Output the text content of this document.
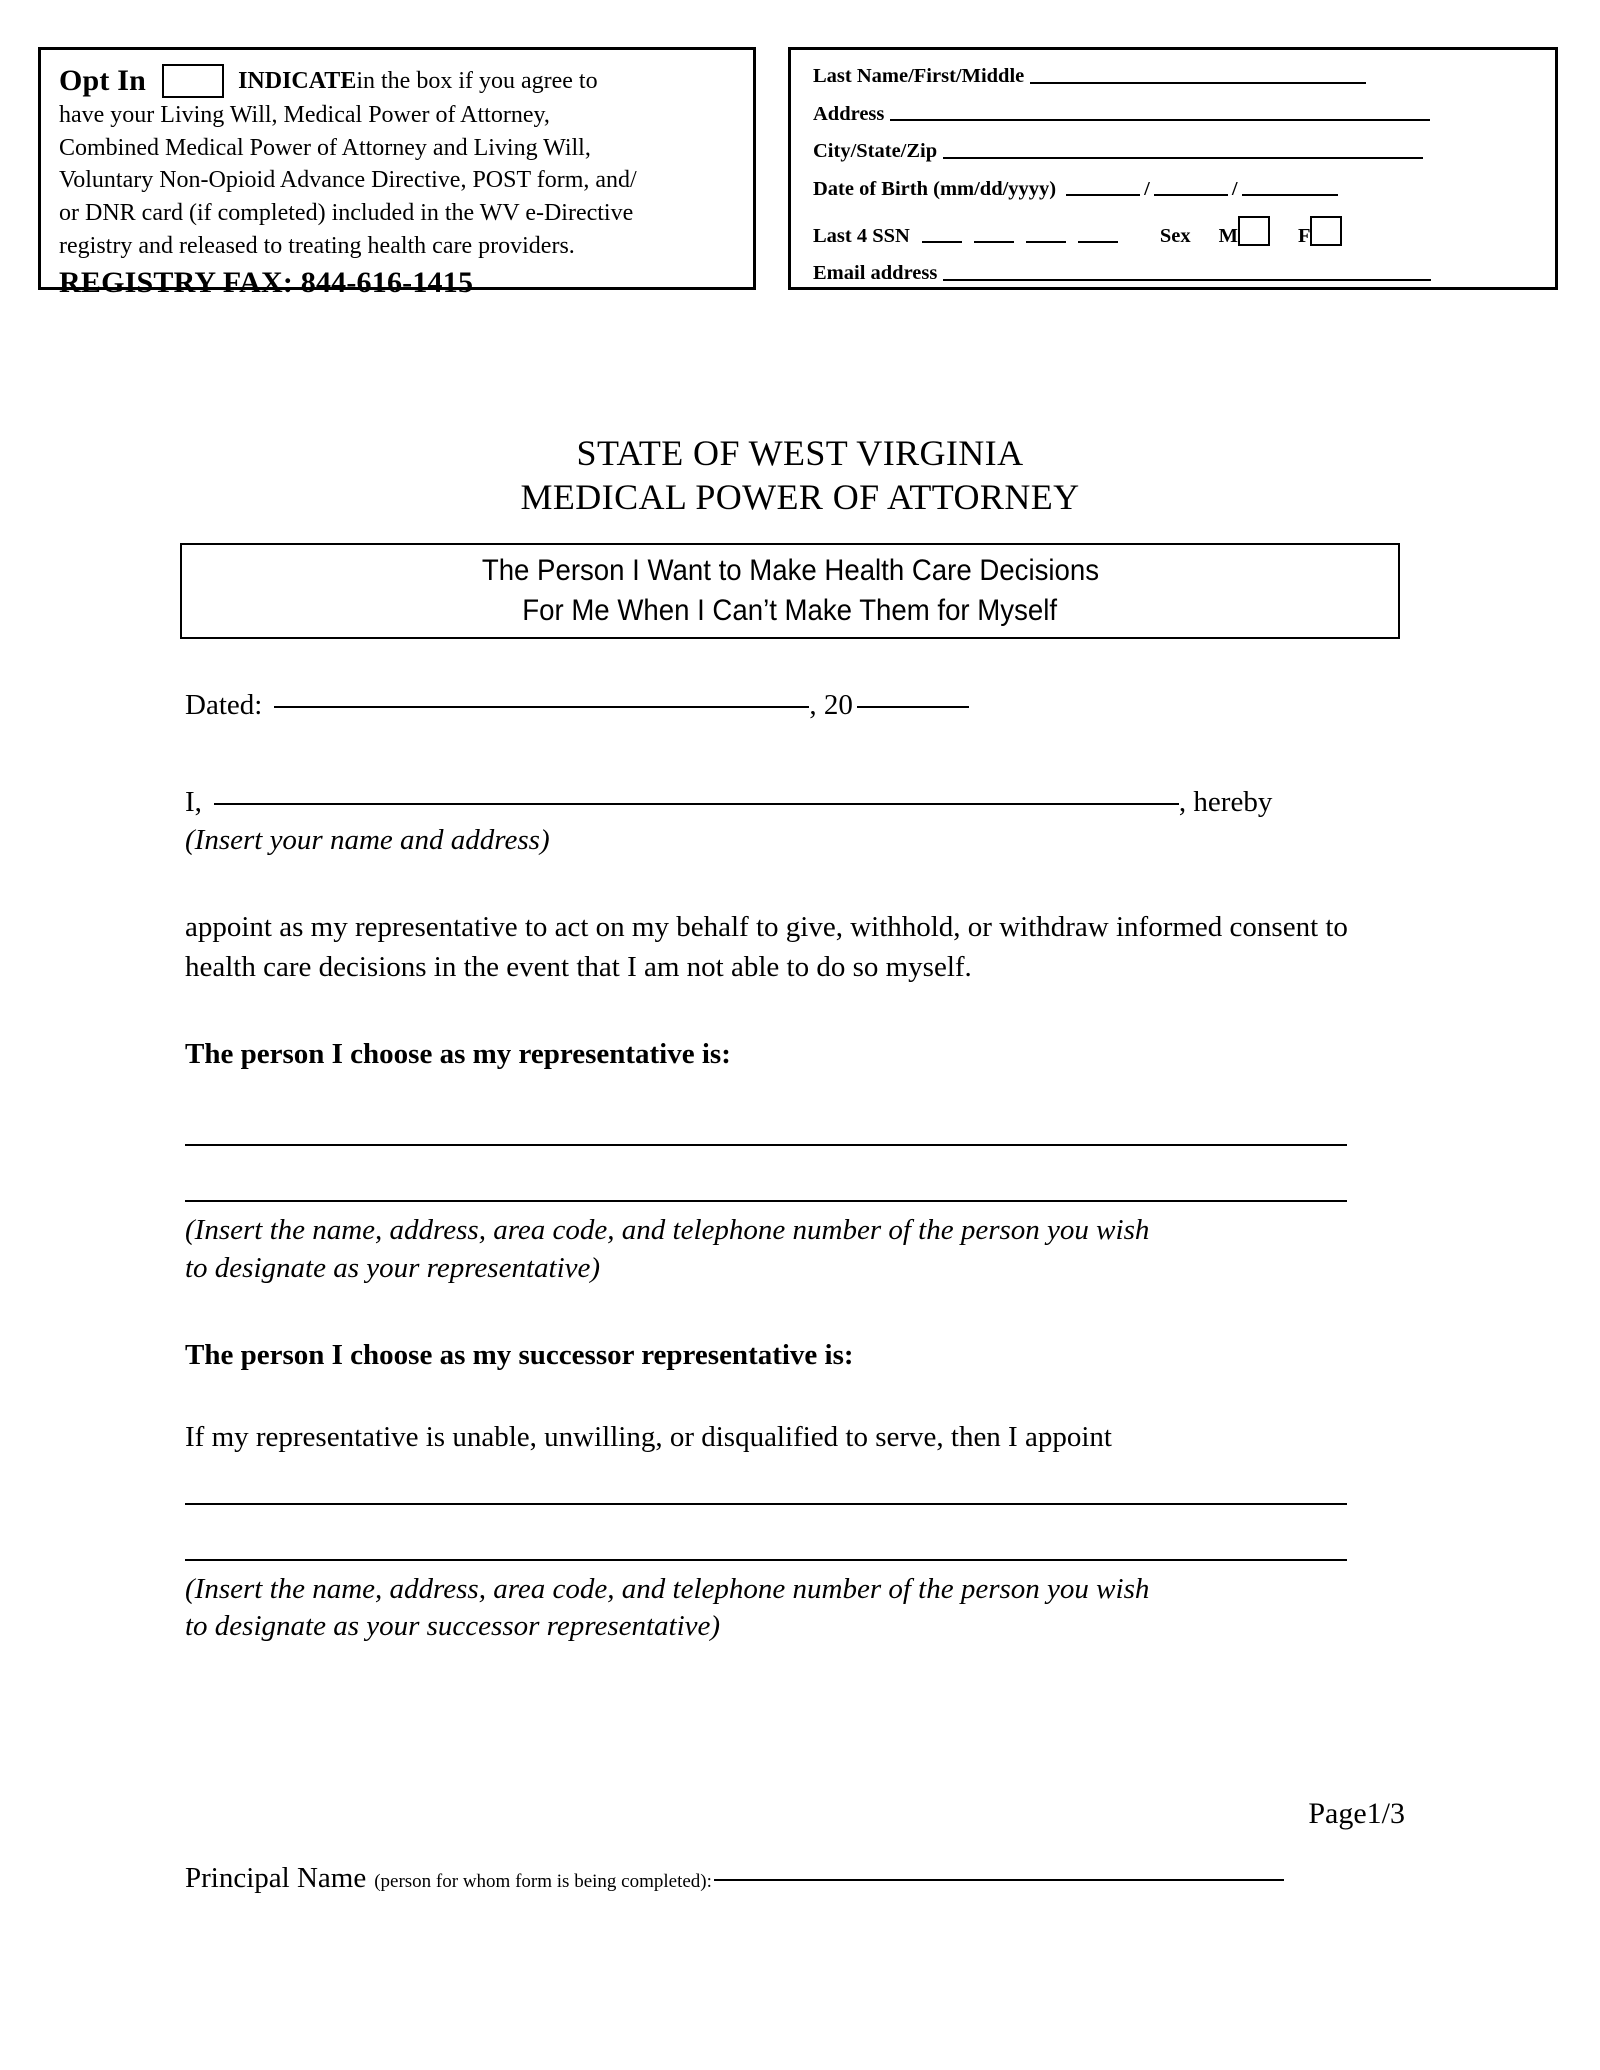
Opt In	INDICATE in the box if you agree to
have your Living Will, Medical Power of Attorney,
Combined Medical Power of Attorney and Living Will,
Voluntary Non-Opioid Advance Directive, POST form, and/
or DNR card (if completed) included in the WV e-Directive
registry and released to treating health care providers.
REGISTRY FAX: 844-616-1415
Last Name/First/Middle
Address
City/State/Zip
Date of Birth (mm/dd/yyyy)	/	/
Last 4 SSN	Sex M	F
Email address
STATE OF WEST VIRGINIA
MEDICAL POWER OF ATTORNEY
The Person I Want to Make Health Care Decisions
For Me When I Can’t Make Them for Myself
Dated:	, 20
I,	, hereby
(Insert your name and address)
appoint as my representative to act on my behalf to give, withhold, or withdraw informed consent to health care decisions in the event that I am not able to do so myself.
The person I choose as my representative is:
(Insert the name, address, area code, and telephone number of the person you wish
to designate as your representative)
The person I choose as my successor representative is:
If my representative is unable, unwilling, or disqualified to serve, then I appoint
(Insert the name, address, area code, and telephone number of the person you wish
to designate as your successor representative)
Page1/3
Principal Name (person for whom form is being completed):
